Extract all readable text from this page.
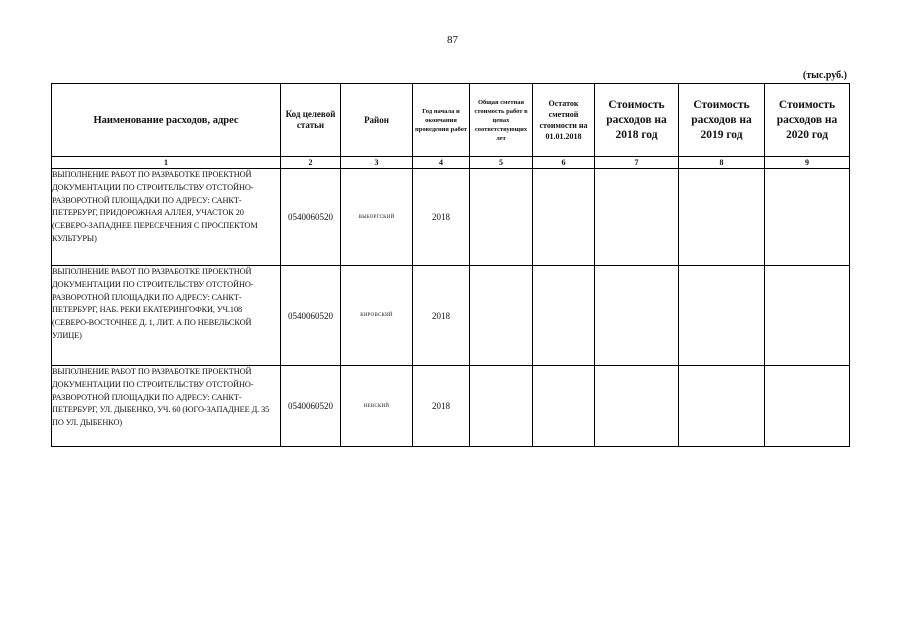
87
(тыс.руб.)
Наименование расходов, адрес	Код целевой статьи	Район	Год начала и окончания проведения работ	Общая сметная стоимость работ в ценах соответствующих лет	Остаток сметной стоимости на 01.01.2018	Стоимость расходов на 2018 год	Стоимость расходов на 2019 год	Стоимость расходов на 2020 год
1	2	3	4	5	6	7	8	9
ВЫПОЛНЕНИЕ РАБОТ ПО РАЗРАБОТКЕ ПРОЕКТНОЙ ДОКУМЕНТАЦИИ ПО СТРОИТЕЛЬСТВУ ОТСТОЙНО-РАЗВОРОТНОЙ ПЛОЩАДКИ ПО АДРЕСУ: САНКТ-ПЕТЕРБУРГ, ПРИДОРОЖНАЯ АЛЛЕЯ, УЧАСТОК 20 (СЕВЕРО-ЗАПАДНЕЕ ПЕРЕСЕЧЕНИЯ С ПРОСПЕКТОМ КУЛЬТУРЫ)	0540060520	ВЫБОРГСКИЙ	2018					
ВЫПОЛНЕНИЕ РАБОТ ПО РАЗРАБОТКЕ ПРОЕКТНОЙ ДОКУМЕНТАЦИИ ПО СТРОИТЕЛЬСТВУ ОТСТОЙНО-РАЗВОРОТНОЙ ПЛОЩАДКИ ПО АДРЕСУ: САНКТ-ПЕТЕРБУРГ, НАБ. РЕКИ ЕКАТЕРИНГОФКИ, УЧ.108 (СЕВЕРО-ВОСТОЧНЕЕ Д. 1, ЛИТ. А ПО НЕВЕЛЬСКОЙ УЛИЦЕ)	0540060520	КИРОВСКИЙ	2018					
ВЫПОЛНЕНИЕ РАБОТ ПО РАЗРАБОТКЕ ПРОЕКТНОЙ ДОКУМЕНТАЦИИ ПО СТРОИТЕЛЬСТВУ ОТСТОЙНО-РАЗВОРОТНОЙ ПЛОЩАДКИ ПО АДРЕСУ: САНКТ-ПЕТЕРБУРГ, УЛ. ДЫБЕНКО, УЧ. 60 (ЮГО-ЗАПАДНЕЕ Д. 35 ПО УЛ. ДЫБЕНКО)	0540060520	НЕВСКИЙ	2018					
